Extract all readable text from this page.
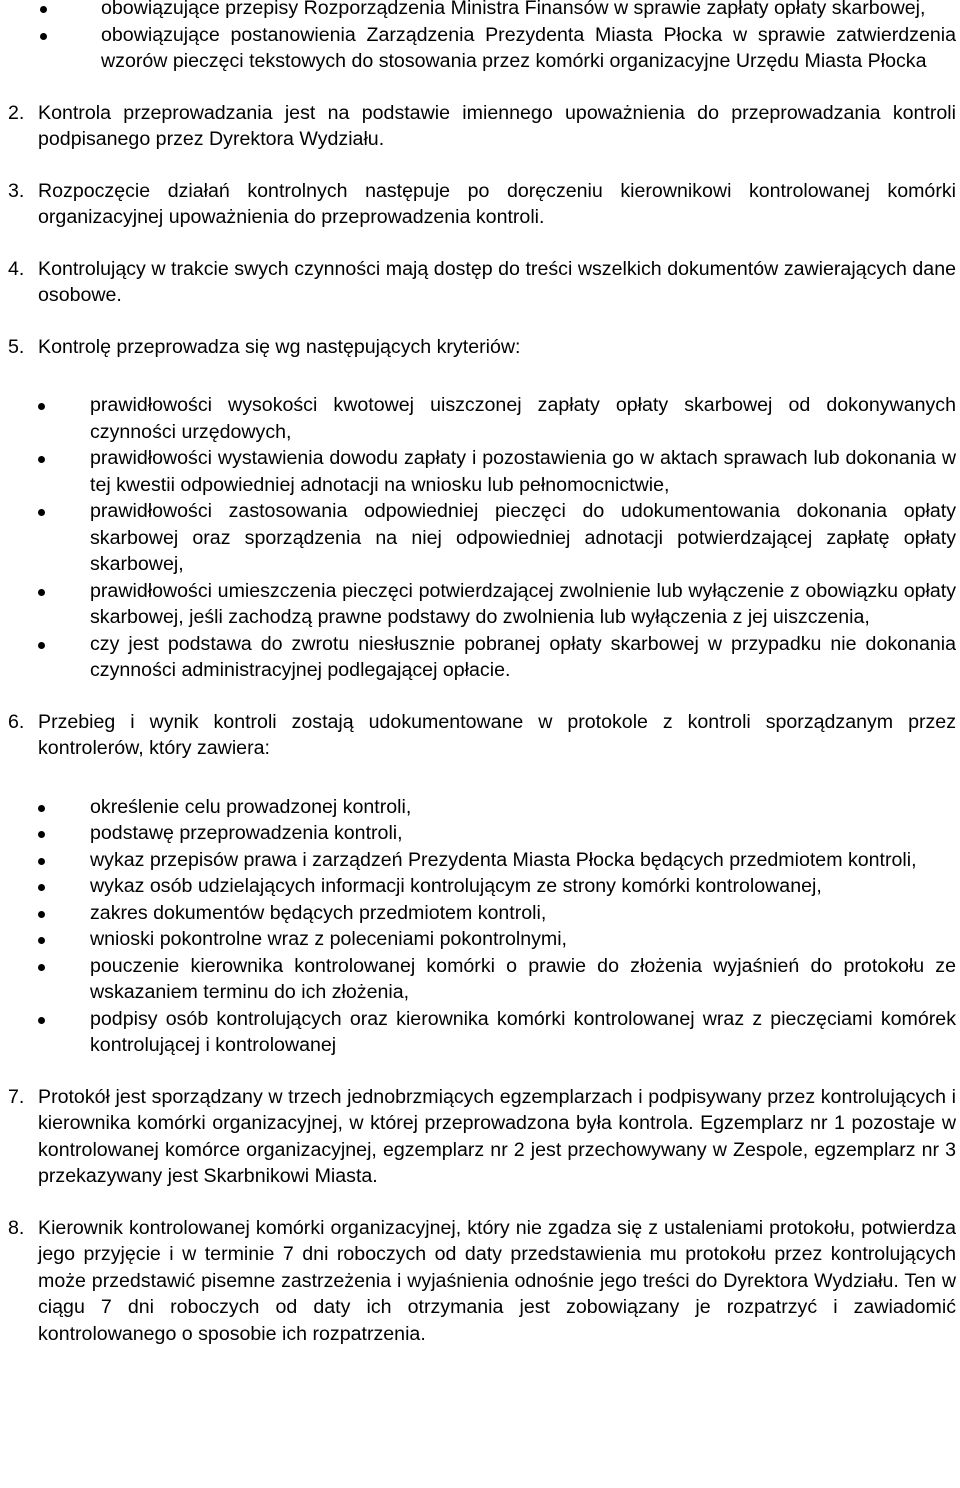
obowiązujące przepisy Rozporządzenia Ministra Finansów w sprawie zapłaty opłaty skarbowej,
obowiązujące postanowienia Zarządzenia Prezydenta Miasta Płocka w sprawie zatwierdzenia wzorów pieczęci tekstowych do stosowania przez komórki organizacyjne Urzędu Miasta Płocka
2. Kontrola przeprowadzania jest na podstawie imiennego upoważnienia do przeprowadzania kontroli podpisanego przez Dyrektora Wydziału.
3. Rozpoczęcie działań kontrolnych następuje po doręczeniu kierownikowi kontrolowanej komórki organizacyjnej upoważnienia do przeprowadzenia kontroli.
4. Kontrolujący w trakcie swych czynności mają dostęp do treści wszelkich dokumentów zawierających dane osobowe.
5. Kontrolę przeprowadza się wg następujących kryteriów:
prawidłowości wysokości kwotowej uiszczonej zapłaty opłaty skarbowej od dokonywanych czynności urzędowych,
prawidłowości wystawienia dowodu zapłaty i pozostawienia go w aktach sprawach lub dokonania w tej kwestii odpowiedniej adnotacji na wniosku lub pełnomocnictwie,
prawidłowości zastosowania odpowiedniej pieczęci do udokumentowania dokonania opłaty skarbowej oraz sporządzenia na niej odpowiedniej adnotacji potwierdzającej zapłatę opłaty skarbowej,
prawidłowości umieszczenia pieczęci potwierdzającej zwolnienie lub wyłączenie z obowiązku opłaty skarbowej, jeśli zachodzą prawne podstawy do zwolnienia lub wyłączenia z jej uiszczenia,
czy jest podstawa do zwrotu niesłusznie pobranej opłaty skarbowej w przypadku nie dokonania czynności administracyjnej podlegającej opłacie.
6. Przebieg i wynik kontroli zostają udokumentowane w protokole z kontroli sporządzanym przez kontrolerów, który zawiera:
określenie celu prowadzonej kontroli,
podstawę przeprowadzenia kontroli,
wykaz przepisów prawa i zarządzeń Prezydenta Miasta Płocka będących przedmiotem kontroli,
wykaz osób udzielających informacji kontrolującym ze strony komórki kontrolowanej,
zakres dokumentów będących przedmiotem kontroli,
wnioski pokontrolne wraz z poleceniami pokontrolnymi,
pouczenie kierownika kontrolowanej komórki o prawie do złożenia wyjaśnień do protokołu ze wskazaniem terminu do ich złożenia,
podpisy osób kontrolujących oraz kierownika komórki kontrolowanej wraz z pieczęciami komórek kontrolującej i kontrolowanej
7. Protokół jest sporządzany w trzech jednobrzmiących egzemplarzach i podpisywany przez kontrolujących i kierownika komórki organizacyjnej, w której przeprowadzona była kontrola. Egzemplarz nr 1 pozostaje w kontrolowanej komórce organizacyjnej, egzemplarz nr 2 jest przechowywany w Zespole, egzemplarz nr 3 przekazywany jest Skarbnikowi Miasta.
8. Kierownik kontrolowanej komórki organizacyjnej, który nie zgadza się z ustaleniami protokołu, potwierdza jego przyjęcie i w terminie 7 dni roboczych od daty przedstawienia mu protokołu przez kontrolujących może przedstawić pisemne zastrzeżenia i wyjaśnienia odnośnie jego treści do Dyrektora Wydziału. Ten w ciągu 7 dni roboczych od daty ich otrzymania jest zobowiązany je rozpatrzyć i zawiadomić kontrolowanego o sposobie ich rozpatrzenia.
